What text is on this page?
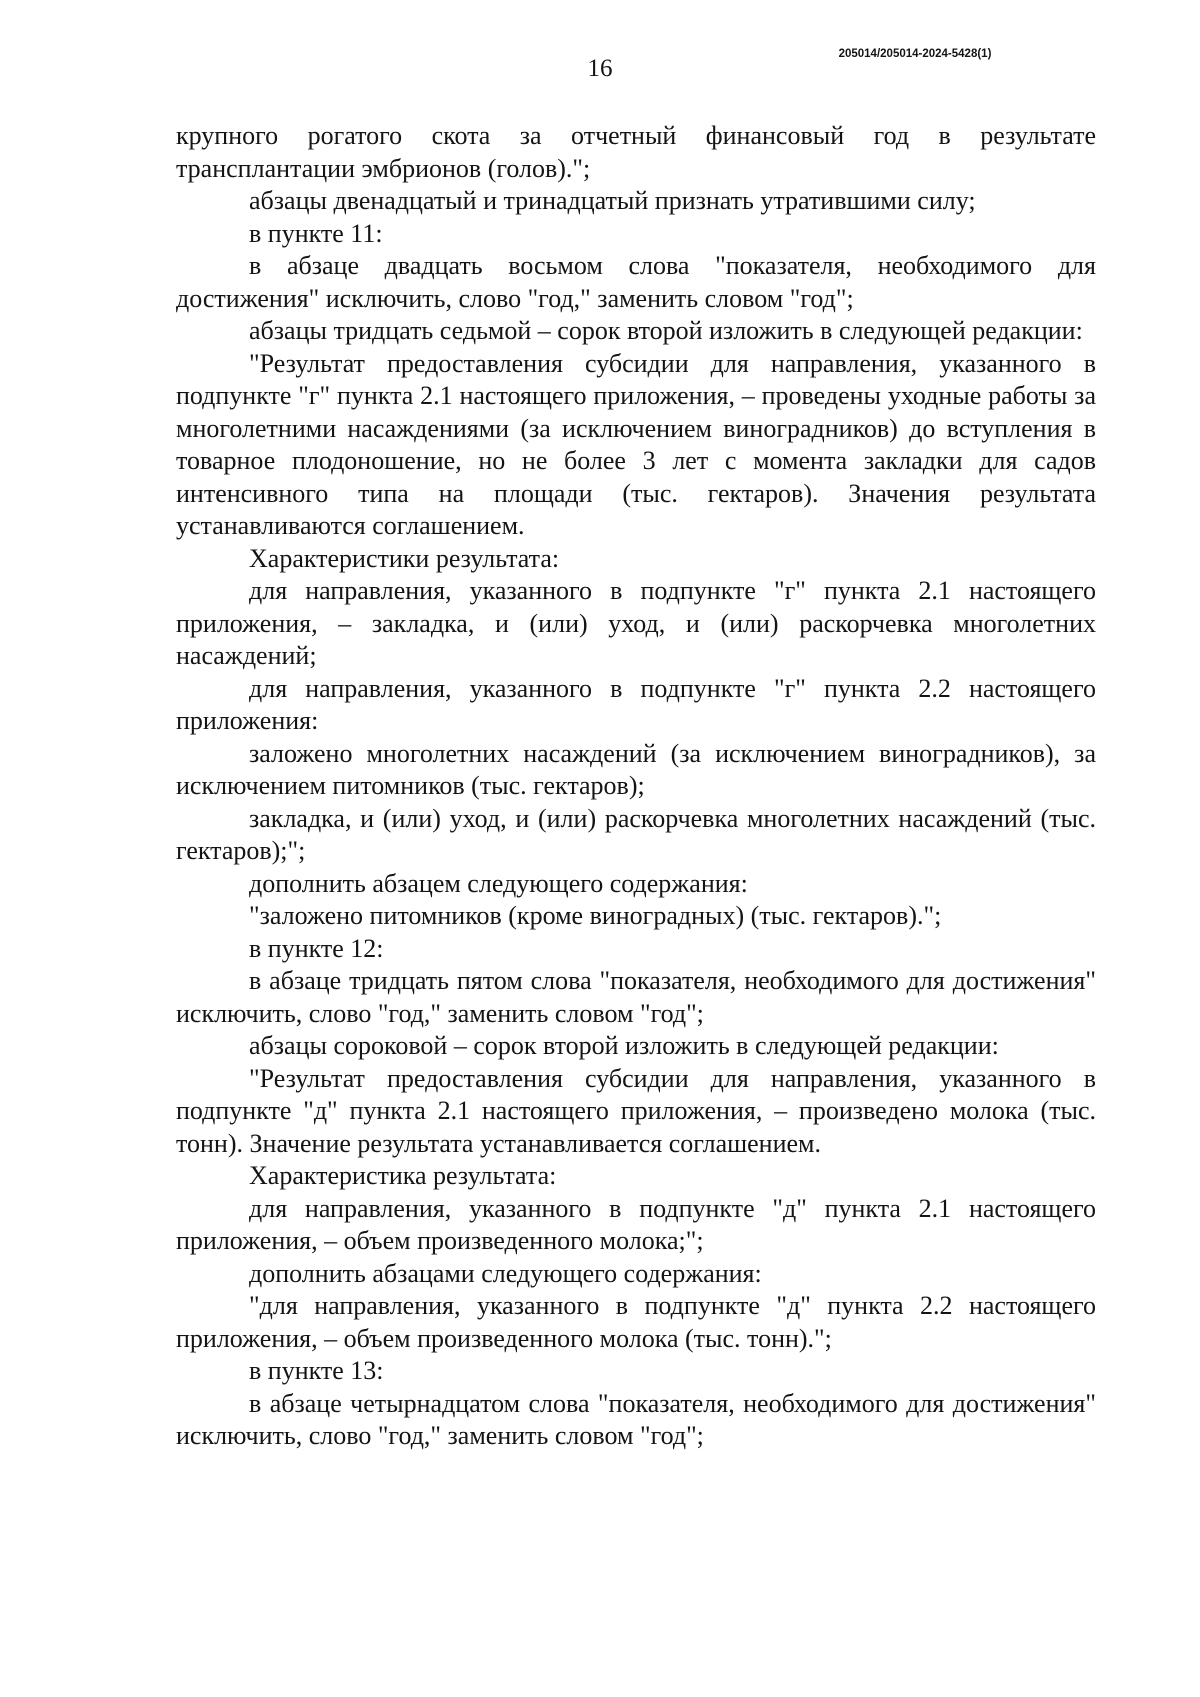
16
205014/205014-2024-5428(1)

крупного рогатого скота за отчетный финансовый год в результате трансплантации эмбрионов (голов).";

абзацы двенадцатый и тринадцатый признать утратившими силу;

в пункте 11:

в абзаце двадцать восьмом слова "показателя, необходимого для достижения" исключить, слово "год," заменить словом "год";

абзацы тридцать седьмой – сорок второй изложить в следующей редакции:

"Результат предоставления субсидии для направления, указанного в подпункте "г" пункта 2.1 настоящего приложения, – проведены уходные работы за многолетними насаждениями (за исключением виноградников) до вступления в товарное плодоношение, но не более 3 лет с момента закладки для садов интенсивного типа на площади (тыс. гектаров). Значения результата устанавливаются соглашением.

Характеристики результата:

для направления, указанного в подпункте "г" пункта 2.1 настоящего приложения, – закладка, и (или) уход, и (или) раскорчевка многолетних насаждений;

для направления, указанного в подпункте "г" пункта 2.2 настоящего приложения:

заложено многолетних насаждений (за исключением виноградников), за исключением питомников (тыс. гектаров);

закладка, и (или) уход, и (или) раскорчевка многолетних насаждений (тыс. гектаров);";

дополнить абзацем следующего содержания:

"заложено питомников (кроме виноградных) (тыс. гектаров).";

в пункте 12:

в абзаце тридцать пятом слова "показателя, необходимого для достижения" исключить, слово "год," заменить словом "год";

абзацы сороковой – сорок второй изложить в следующей редакции:

"Результат предоставления субсидии для направления, указанного в подпункте "д" пункта 2.1 настоящего приложения, – произведено молока (тыс. тонн). Значение результата устанавливается соглашением.

Характеристика результата:

для направления, указанного в подпункте "д" пункта 2.1 настоящего приложения, – объем произведенного молока;";

дополнить абзацами следующего содержания:

"для направления, указанного в подпункте "д" пункта 2.2 настоящего приложения, – объем произведенного молока (тыс. тонн).";

в пункте 13:

в абзаце четырнадцатом слова "показателя, необходимого для достижения" исключить, слово "год," заменить словом "год";
